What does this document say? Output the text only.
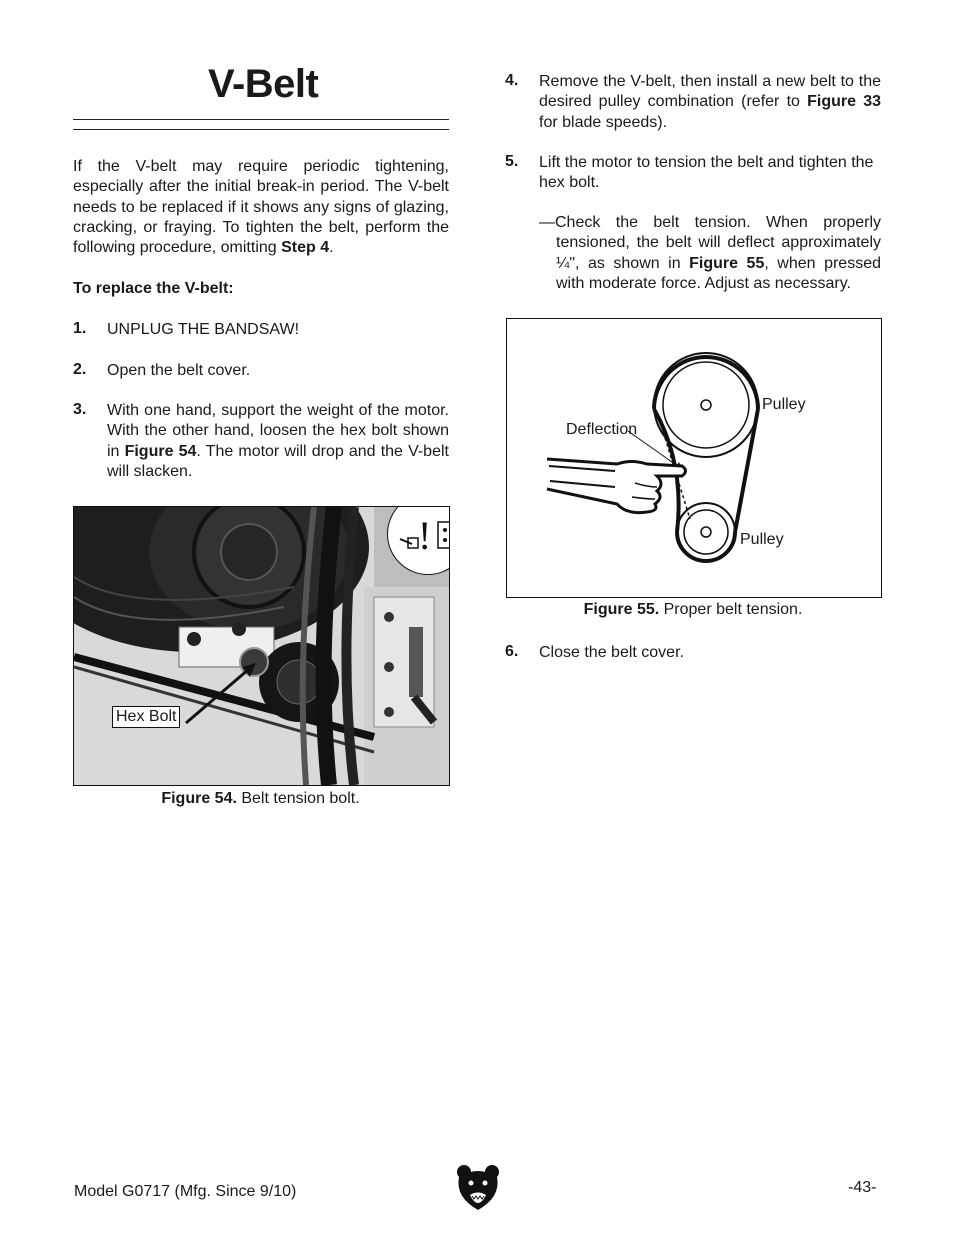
V-Belt
If the V-belt may require periodic tightening, especially after the initial break-in period. The V-belt needs to be replaced if it shows any signs of glazing, cracking, or fraying. To tighten the belt, perform the following procedure, omitting Step 4.
To replace the V-belt:
1. UNPLUG THE BANDSAW!
2. Open the belt cover.
3. With one hand, support the weight of the motor. With the other hand, loosen the hex bolt shown in Figure 54. The motor will drop and the V-belt will slacken.
!
Hex Bolt
Figure 54. Belt tension bolt.
4. Remove the V-belt, then install a new belt to the desired pulley combination (refer to Figure 33 for blade speeds).
5. Lift the motor to tension the belt and tighten the hex bolt.
—Check the belt tension. When properly tensioned, the belt will deflect approximately ¼", as shown in Figure 55, when pressed with moderate force. Adjust as necessary.
Deflection
Pulley
Pulley
Figure 55. Proper belt tension.
6. Close the belt cover.
Model G0717 (Mfg. Since 9/10)	-43-
